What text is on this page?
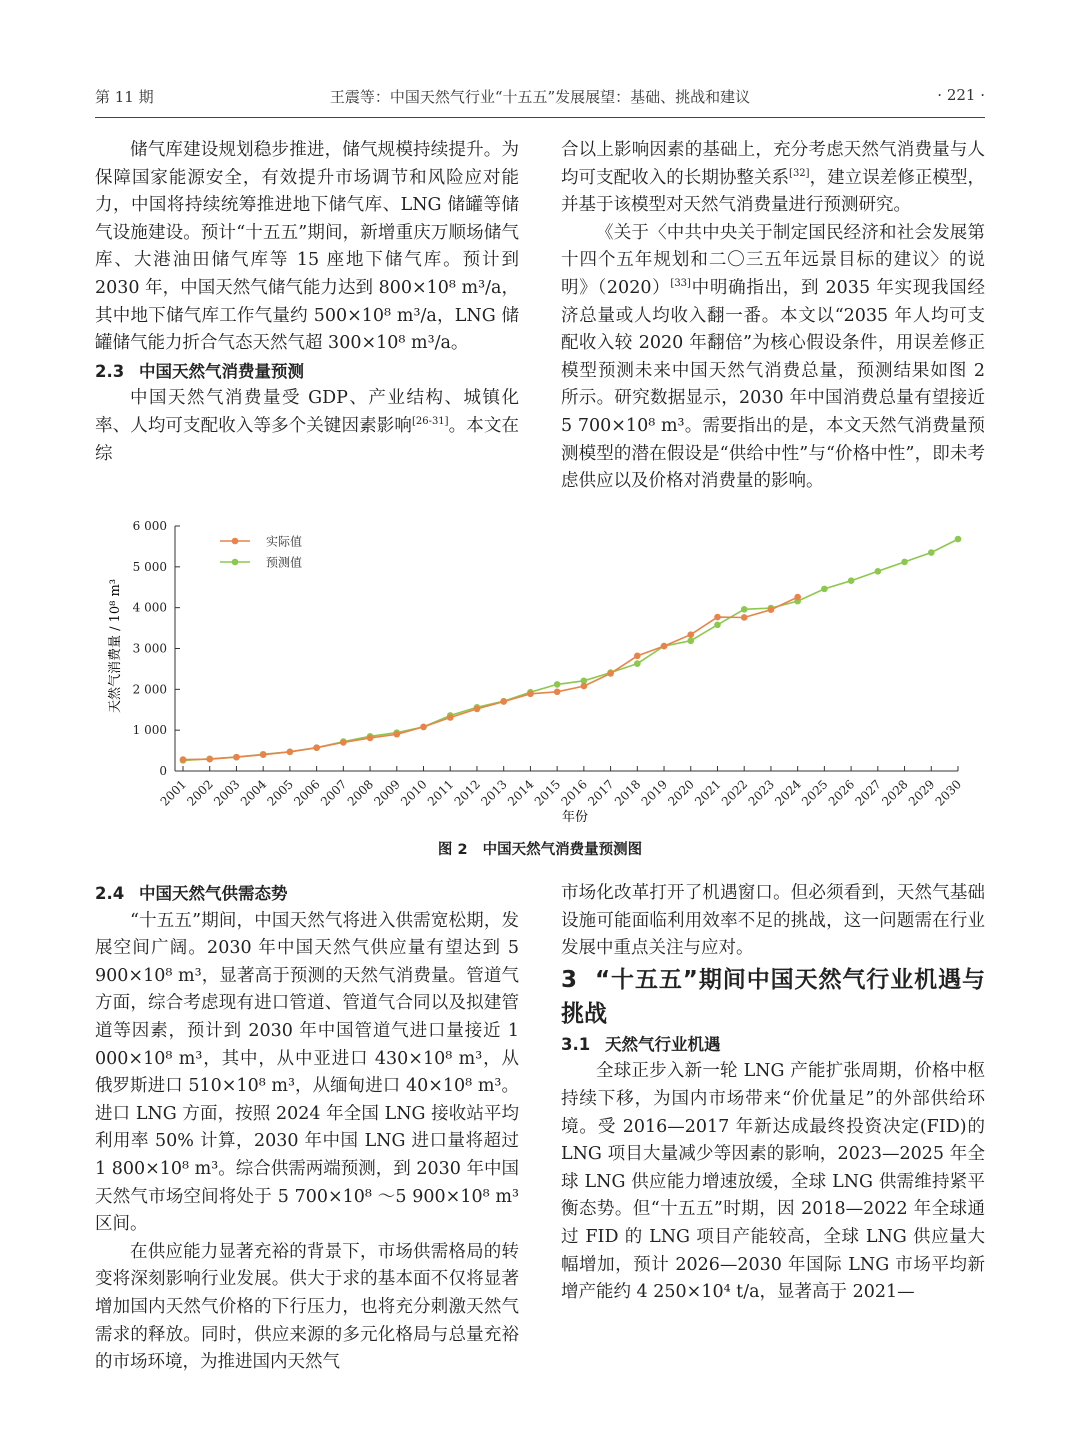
第 11 期	王震等：中国天然气行业“十五五”发展展望：基础、挑战和建议	· 221 ·

储气库建设规划稳步推进，储气规模持续提升。为保障国家能源安全，有效提升市场调节和风险应对能力，中国将持续统筹推进地下储气库、LNG 储罐等储气设施建设。预计“十五五”期间，新增重庆万顺场储气库、大港油田储气库等 15 座地下储气库。预计到 2030 年，中国天然气储气能力达到 800×10⁸ m³/a，其中地下储气库工作气量约 500×10⁸ m³/a，LNG 储罐储气能力折合气态天然气超 300×10⁸ m³/a。

2.3 中国天然气消费量预测

中国天然气消费量受 GDP、产业结构、城镇化率、人均可支配收入等多个关键因素影响[26-31]。本文在综

合以上影响因素的基础上，充分考虑天然气消费量与人均可支配收入的长期协整关系[32]，建立误差修正模型，并基于该模型对天然气消费量进行预测研究。

《关于〈中共中央关于制定国民经济和社会发展第十四个五年规划和二〇三五年远景目标的建议〉的说明》（2020）[33]中明确指出，到 2035 年实现我国经济总量或人均收入翻一番。本文以“2035 年人均可支配收入较 2020 年翻倍”为核心假设条件，用误差修正模型预测未来中国天然气消费总量，预测结果如图 2 所示。研究数据显示，2030 年中国消费总量有望接近 5 700×10⁸ m³。需要指出的是，本文天然气消费量预测模型的潜在假设是“供给中性”与“价格中性”，即未考虑供应以及价格对消费量的影响。

0
1 000
2 000
3 000
4 000
5 000
6 000
2001
2002
2003
2004
2005
2006
2007
2008
2009
2010
2011
2012
2013
2014
2015
2016
2017
2018
2019
2020
2021
2022
2023
2024
2025
2026
2027
2028
2029
2030
实际值
预测值
天然气消费量 / 10⁸ m³
年份
图 2 中国天然气消费量预测图

2.4 中国天然气供需态势

“十五五”期间，中国天然气将进入供需宽松期，发展空间广阔。2030 年中国天然气供应量有望达到 5 900×10⁸ m³，显著高于预测的天然气消费量。管道气方面，综合考虑现有进口管道、管道气合同以及拟建管道等因素，预计到 2030 年中国管道气进口量接近 1 000×10⁸ m³，其中，从中亚进口 430×10⁸ m³，从俄罗斯进口 510×10⁸ m³，从缅甸进口 40×10⁸ m³。进口 LNG 方面，按照 2024 年全国 LNG 接收站平均利用率 50% 计算，2030 年中国 LNG 进口量将超过 1 800×10⁸ m³。综合供需两端预测，到 2030 年中国天然气市场空间将处于 5 700×10⁸ ～5 900×10⁸ m³ 区间。

在供应能力显著充裕的背景下，市场供需格局的转变将深刻影响行业发展。供大于求的基本面不仅将显著增加国内天然气价格的下行压力，也将充分刺激天然气需求的释放。同时，供应来源的多元化格局与总量充裕的市场环境，为推进国内天然气

市场化改革打开了机遇窗口。但必须看到，天然气基础设施可能面临利用效率不足的挑战，这一问题需在行业发展中重点关注与应对。

3 “十五五”期间中国天然气行业机遇与挑战

3.1 天然气行业机遇

全球正步入新一轮 LNG 产能扩张周期，价格中枢持续下移，为国内市场带来“价优量足”的外部供给环境。受 2016—2017 年新达成最终投资决定(FID)的 LNG 项目大量减少等因素的影响，2023—2025 年全球 LNG 供应能力增速放缓，全球 LNG 供需维持紧平衡态势。但“十五五”时期，因 2018—2022 年全球通过 FID 的 LNG 项目产能较高，全球 LNG 供应量大幅增加，预计 2026—2030 年国际 LNG 市场平均新增产能约 4 250×10⁴ t/a，显著高于 2021—
